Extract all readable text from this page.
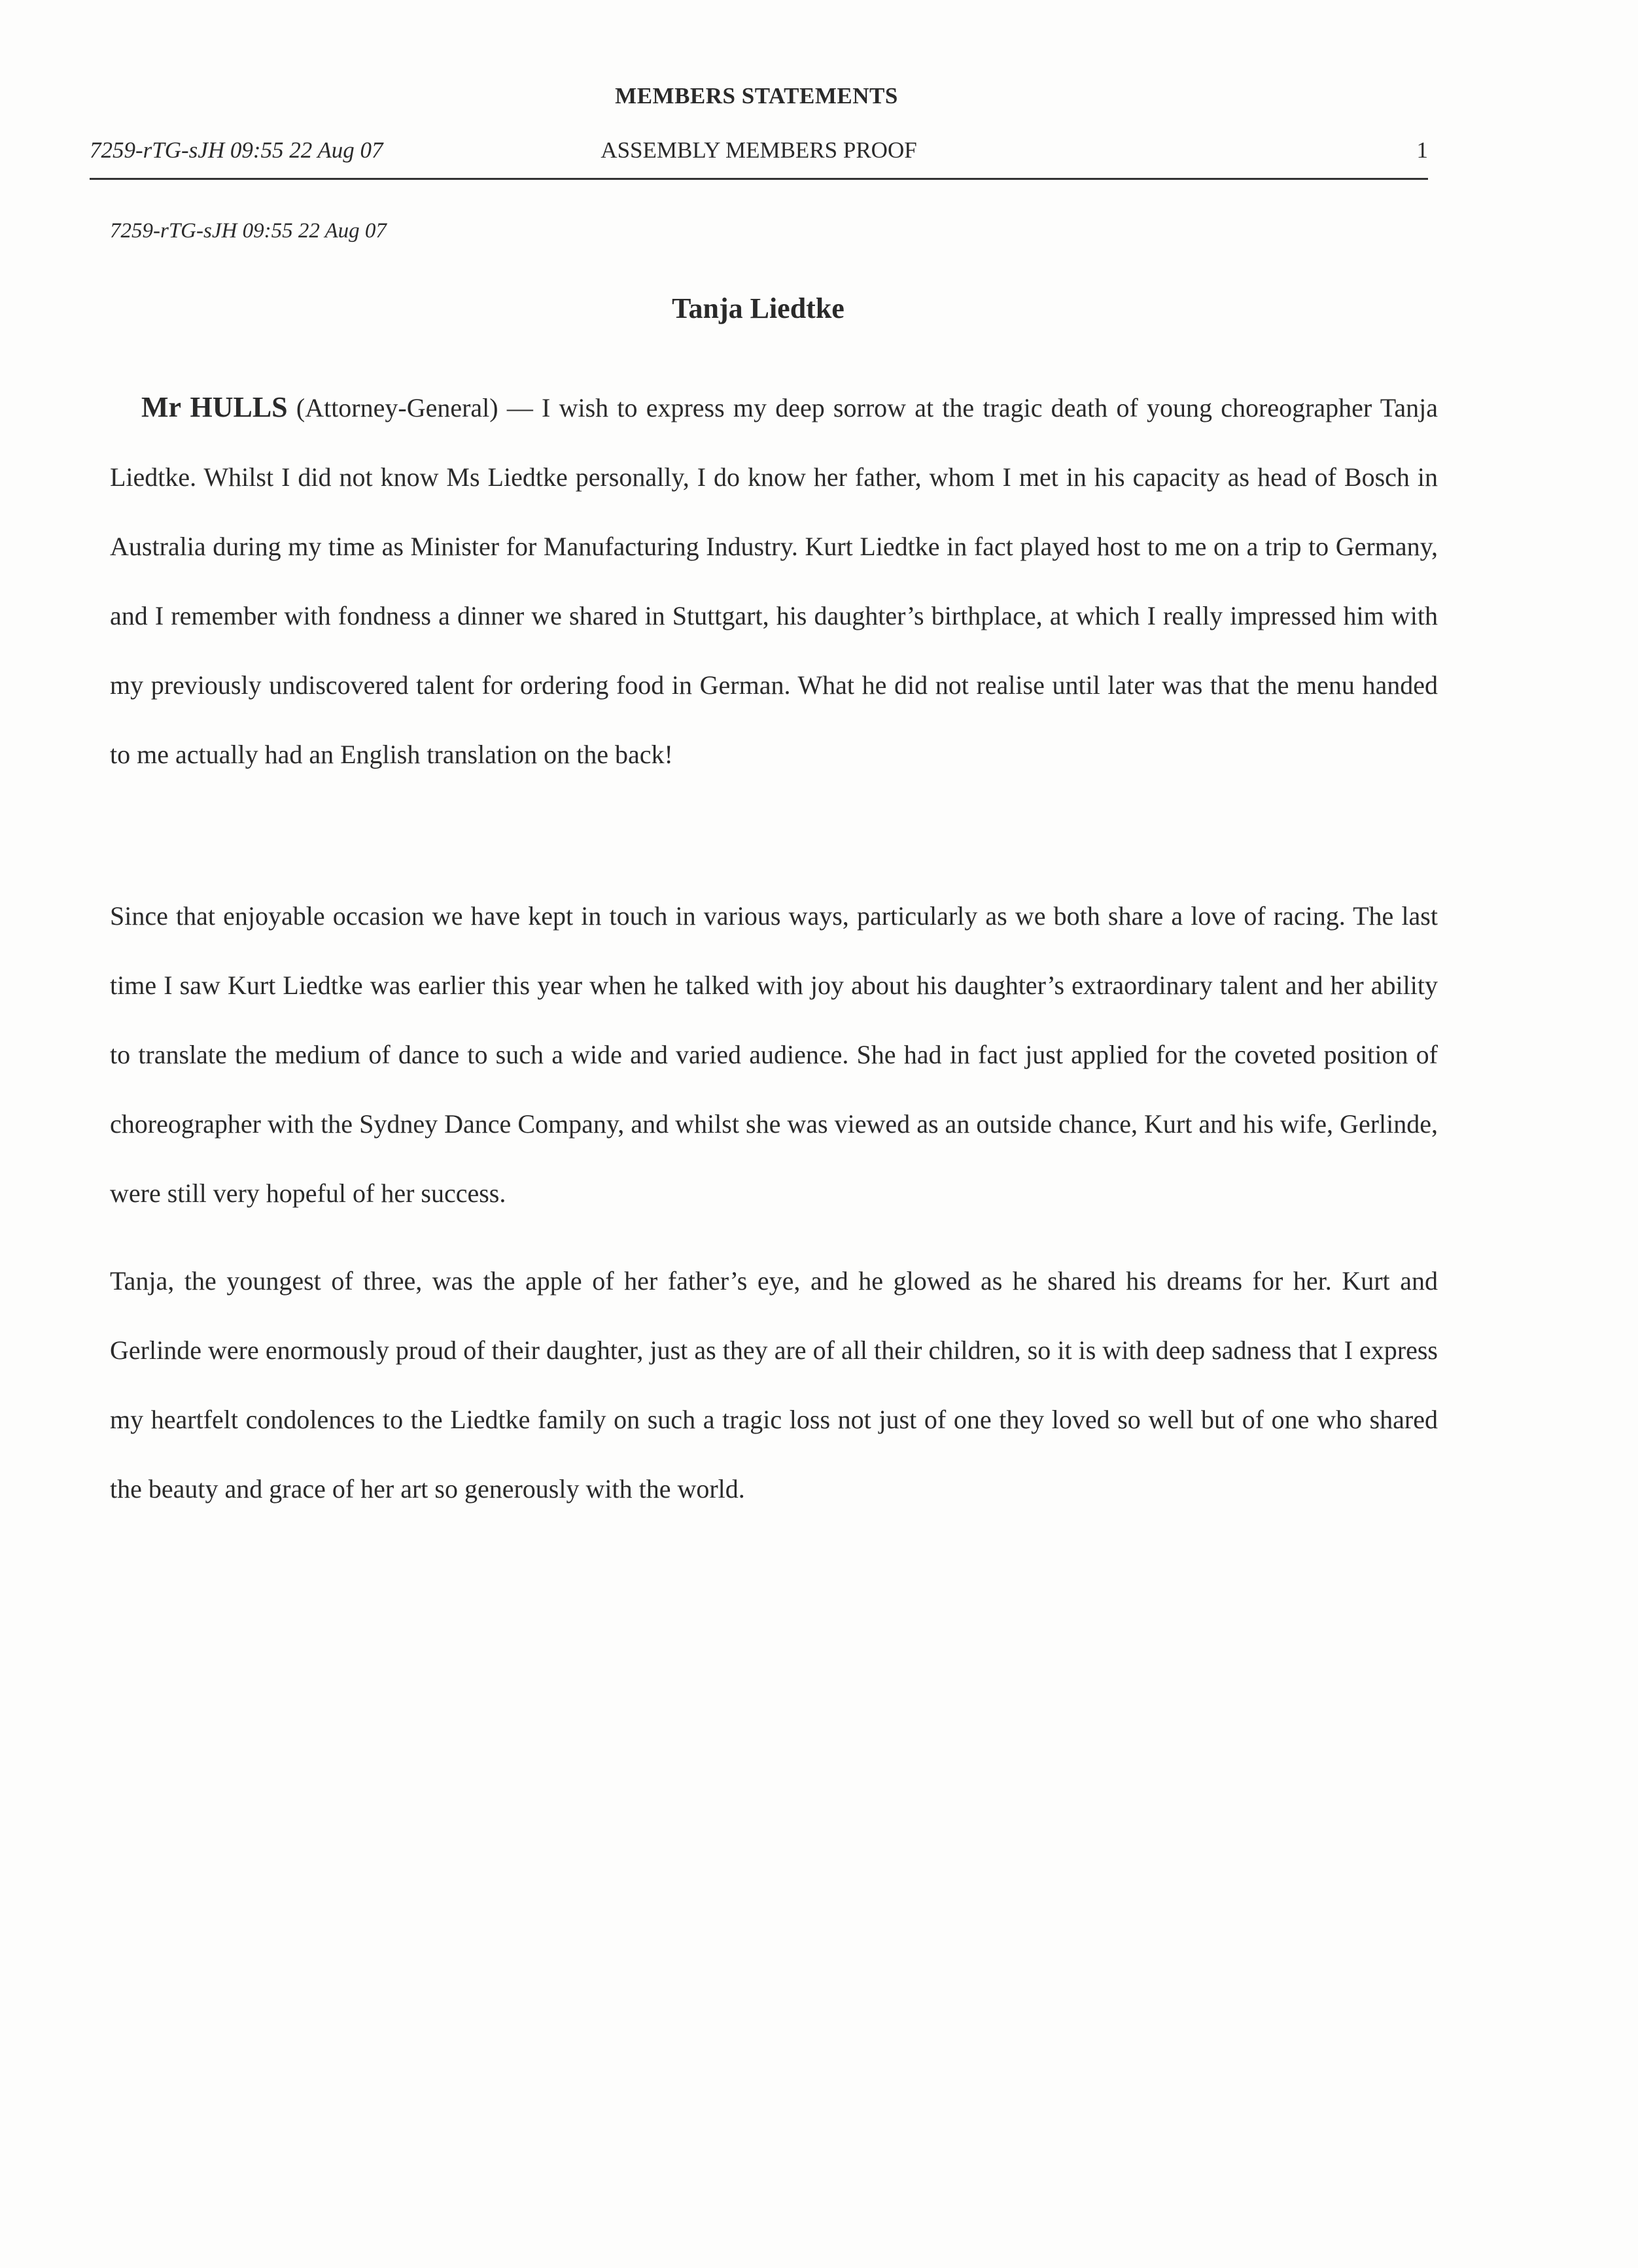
MEMBERS STATEMENTS
7259-rTG-sJH 09:55 22 Aug 07	ASSEMBLY MEMBERS PROOF	1
7259-rTG-sJH 09:55 22 Aug 07
Tanja Liedtke

Mr HULLS (Attorney-General) — I wish to express my deep sorrow at the tragic death of young choreographer Tanja Liedtke. Whilst I did not know Ms Liedtke personally, I do know her father, whom I met in his capacity as head of Bosch in Australia during my time as Minister for Manufacturing Industry. Kurt Liedtke in fact played host to me on a trip to Germany, and I remember with fondness a dinner we shared in Stuttgart, his daughter’s birthplace, at which I really impressed him with my previously undiscovered talent for ordering food in German. What he did not realise until later was that the menu handed to me actually had an English translation on the back!

Since that enjoyable occasion we have kept in touch in various ways, particularly as we both share a love of racing. The last time I saw Kurt Liedtke was earlier this year when he talked with joy about his daughter’s extraordinary talent and her ability to translate the medium of dance to such a wide and varied audience. She had in fact just applied for the coveted position of choreographer with the Sydney Dance Company, and whilst she was viewed as an outside chance, Kurt and his wife, Gerlinde, were still very hopeful of her success.

Tanja, the youngest of three, was the apple of her father’s eye, and he glowed as he shared his dreams for her. Kurt and Gerlinde were enormously proud of their daughter, just as they are of all their children, so it is with deep sadness that I express my heartfelt condolences to the Liedtke family on such a tragic loss not just of one they loved so well but of one who shared the beauty and grace of her art so generously with the world.
